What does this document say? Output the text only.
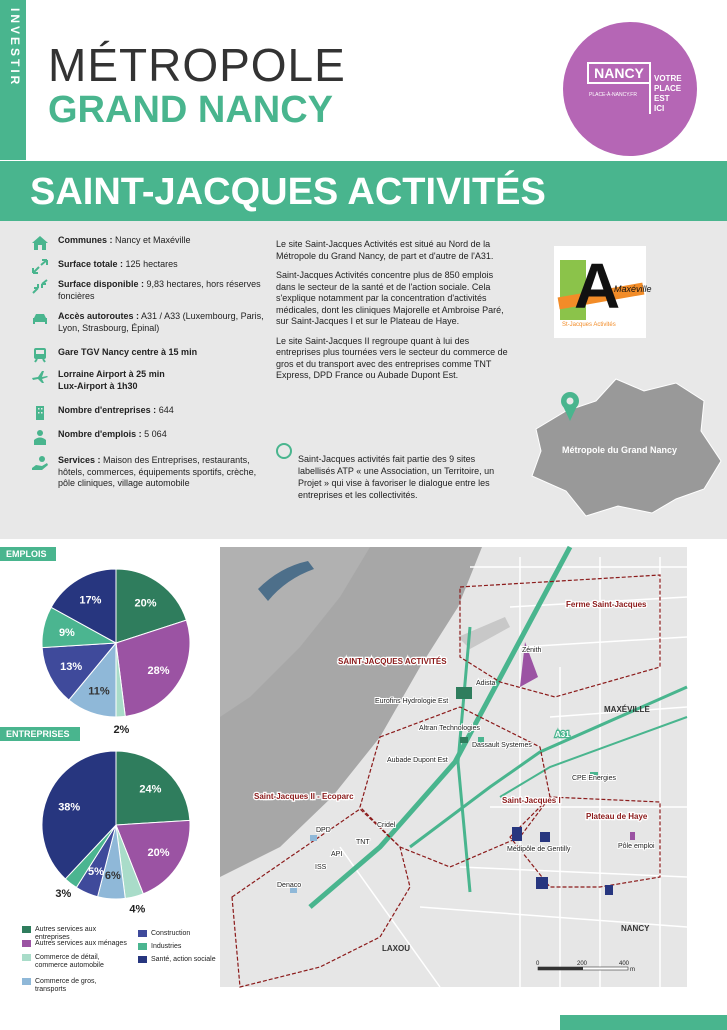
INVESTIR MÉTROPOLE
GRAND NANCY
NANCY	VOTRE
PLACE
EST ICI
PLACE-À-NANCY.FR
SAINT-JACQUES ACTIVITÉS
Communes : Nancy et Maxéville
Surface totale : 125 hectares
Surface disponible : 9,83 hectares, hors réserves foncières
Accès autoroutes : A31 / A33 (Luxembourg, Paris, Lyon, Strasbourg, Épinal)
Gare TGV Nancy centre à 15 min
Lorraine Airport à 25 min
Lux-Airport à 1h30
Nombre d'entreprises : 644
Nombre d'emplois : 5 064
Services : Maison des Entreprises, restaurants, hôtels, commerces, équipements sportifs, crèche, pôle cliniques, village automobile

Le site Saint-Jacques Activités est situé au Nord de la Métropole du Grand Nancy, de part et d'autre de l'A31.

Saint-Jacques Activités concentre plus de 850 emplois dans le secteur de la santé et de l'action sociale. Cela s'explique notamment par la concentration d'activités médicales, dont les cliniques Majorelle et Ambroise Paré, sur Saint-Jacques I et sur le Plateau de Haye.

Le site Saint-Jacques II regroupe quant à lui des entreprises plus tournées vers le secteur du commerce de gros et du transport avec des entreprises comme TNT Express, DPD France ou Aubade Dupont Est.

Saint-Jacques activités fait partie des 9 sites labellisés ATP « une Association, un Territoire, un Projet » qui vise à favoriser le dialogue entre les entreprises et les collectivités.
A
Maxéville
St-Jacques Activités
Métropole du Grand Nancy
EMPLOIS
20%
28%
2%
11%
13%
9%
17%
ENTREPRISES
24%
20%
4%
6%
5%
3%
38%
Autres services aux entreprises
Autres services aux ménages
Commerce de détail, commerce automobile
Commerce de gros, transports
Construction
Industries
Santé, action sociale
Ferme Saint-Jacques
SAINT-JACQUES ACTIVITÉS
Saint-Jacques II - Ecoparc	Saint-Jacques I
Plateau de Haye
MAXÉVILLE
LAXOU
NANCY
A31
Zénith
Adista
Eurofins Hydrologie Est
Altran Technologies
Dassault Systemes
Aubade Dupont Est
CPE Energies
DPD
Cridel
TNT
API
ISS
Denaco
Médipôle de Gentilly	Pôle emploi
0	200	400
m
